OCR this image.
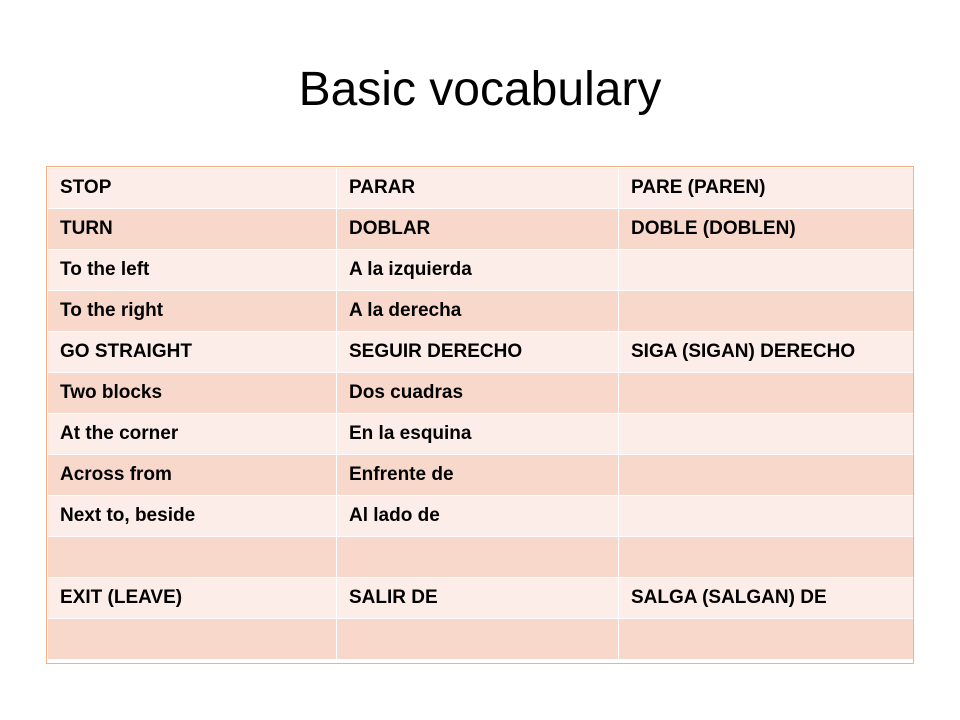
Basic vocabulary
STOP	PARAR	PARE (PAREN)
TURN	DOBLAR	DOBLE (DOBLEN)
To the left	A la izquierda	
To the right	A la derecha	
GO STRAIGHT	SEGUIR DERECHO	SIGA (SIGAN) DERECHO
Two blocks	Dos cuadras	
At the corner	En la esquina	
Across from	Enfrente de	
Next to, beside	Al lado de	

EXIT (LEAVE)	SALIR DE	SALGA (SALGAN) DE
